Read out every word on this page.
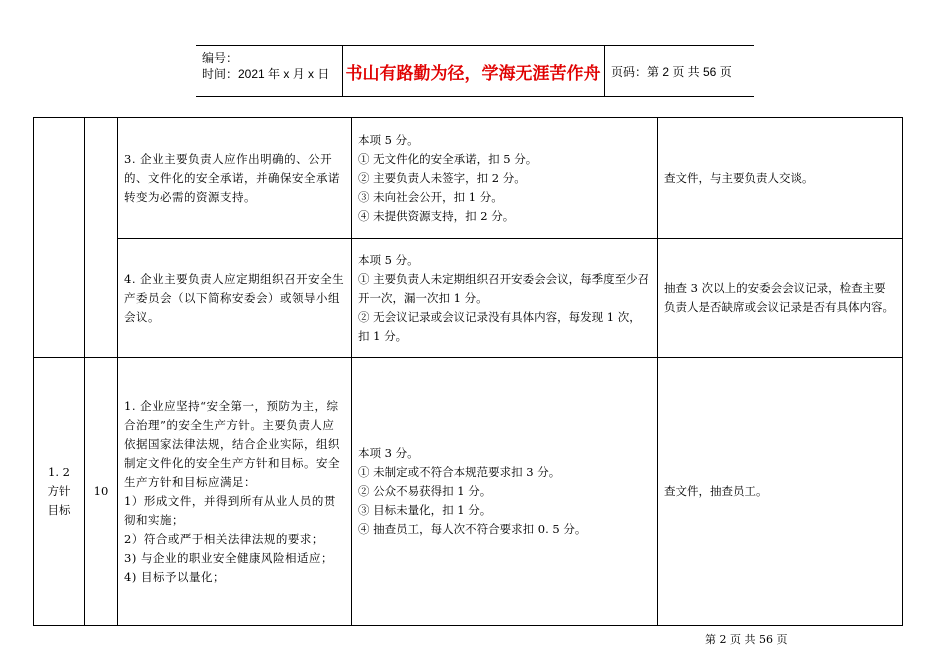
编号：
时间：2021 年 x 月 x 日 书山有路勤为径，学海无涯苦作舟 页码：第 2 页 共 56 页

		3. 企业主要负责人应作出明确的、公开的、文件化的安全承诺，并确保安全承诺转变为必需的资源支持。	本项 5 分。
① 无文件化的安全承诺，扣 5 分。
② 主要负责人未签字，扣 2 分。
③ 未向社会公开，扣 1 分。
④ 未提供资源支持，扣 2 分。	查文件，与主要负责人交谈。

		4. 企业主要负责人应定期组织召开安全生产委员会（以下简称安委会）或领导小组会议。	本项 5 分。
① 主要负责人未定期组织召开安委会会议，每季度至少召开一次，漏一次扣 1 分。
② 无会议记录或会议记录没有具体内容，每发现 1 次，扣 1 分。	抽查 3 次以上的安委会会议记录，检查主要负责人是否缺席或会议记录是否有具体内容。

1. 2
方针
目标	10	1. 企业应坚持“安全第一，预防为主，综合治理”的安全生产方针。主要负责人应依据国家法律法规，结合企业实际，组织制定文件化的安全生产方针和目标。安全生产方针和目标应满足：
1）形成文件，并得到所有从业人员的贯彻和实施；
2）符合或严于相关法律法规的要求；
3) 与企业的职业安全健康风险相适应；
4) 目标予以量化；	本项 3 分。
① 未制定或不符合本规范要求扣 3 分。
② 公众不易获得扣 1 分。
③ 目标未量化，扣 1 分。
④ 抽查员工，每人次不符合要求扣 0. 5 分。	查文件，抽查员工。
第 2 页 共 56 页
